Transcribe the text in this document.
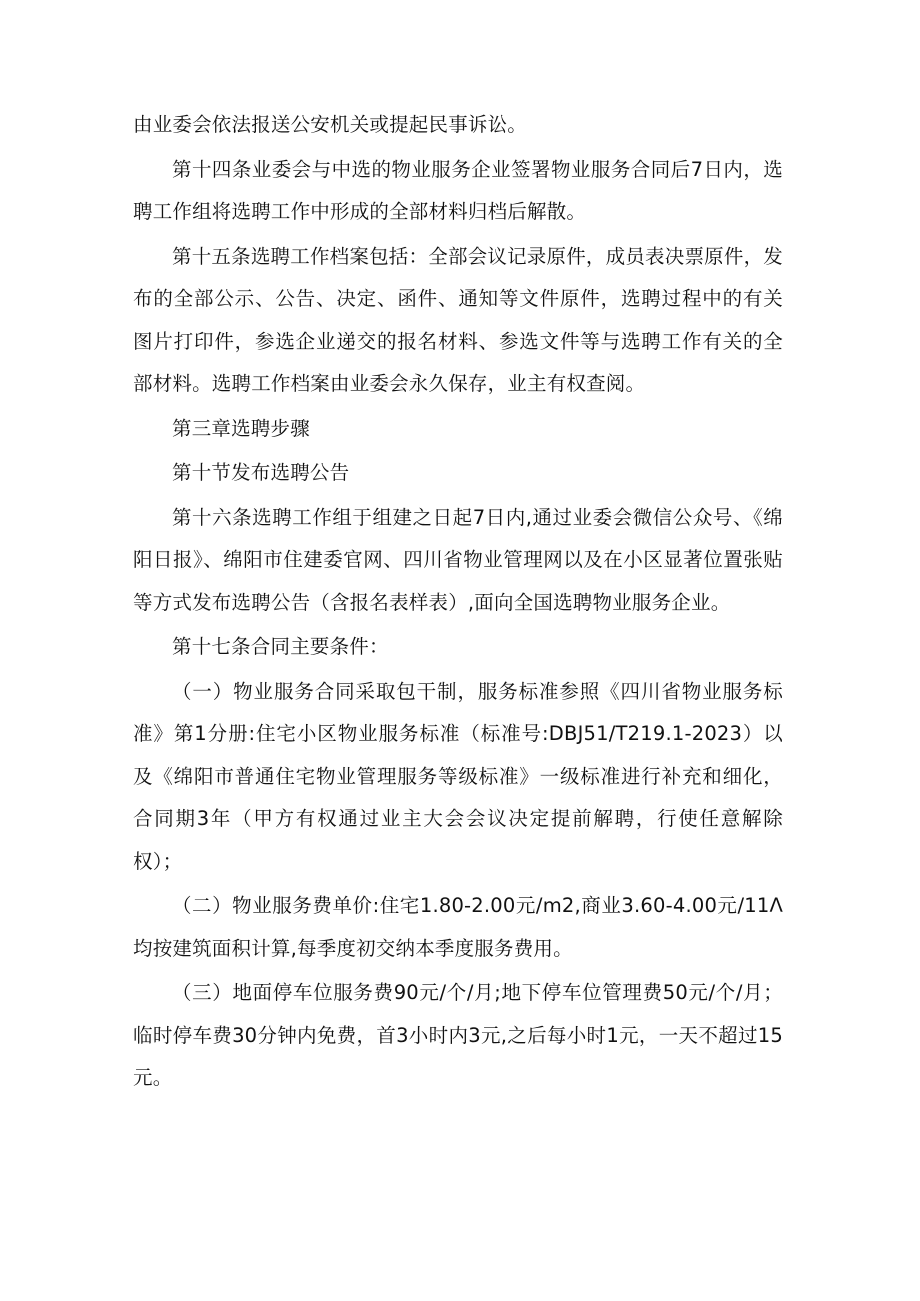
由业委会依法报送公安机关或提起民事诉讼。

第十四条业委会与中选的物业服务企业签署物业服务合同后7日内，选聘工作组将选聘工作中形成的全部材料归档后解散。

第十五条选聘工作档案包括：全部会议记录原件，成员表决票原件，发布的全部公示、公告、决定、函件、通知等文件原件，选聘过程中的有关图片打印件，参选企业递交的报名材料、参选文件等与选聘工作有关的全部材料。选聘工作档案由业委会永久保存，业主有权查阅。

第三章选聘步骤

第十节发布选聘公告

第十六条选聘工作组于组建之日起7日内,通过业委会微信公众号、《绵阳日报》、绵阳市住建委官网、四川省物业管理网以及在小区显著位置张贴等方式发布选聘公告（含报名表样表）,面向全国选聘物业服务企业。

第十七条合同主要条件：

（一）物业服务合同采取包干制，服务标准参照《四川省物业服务标准》第1分册:住宅小区物业服务标准（标准号:DBJ51/T219.1-2023）以及《绵阳市普通住宅物业管理服务等级标准》一级标准进行补充和细化，合同期3年（甲方有权通过业主大会会议决定提前解聘，行使任意解除权）；

（二）物业服务费单价:住宅1.80-2.00元/m2,商业3.60-4.00元/11Λ均按建筑面积计算,每季度初交纳本季度服务费用。

（三）地面停车位服务费90元/个/月;地下停车位管理费50元/个/月；临时停车费30分钟内免费，首3小时内3元,之后每小时1元，一天不超过15元。
